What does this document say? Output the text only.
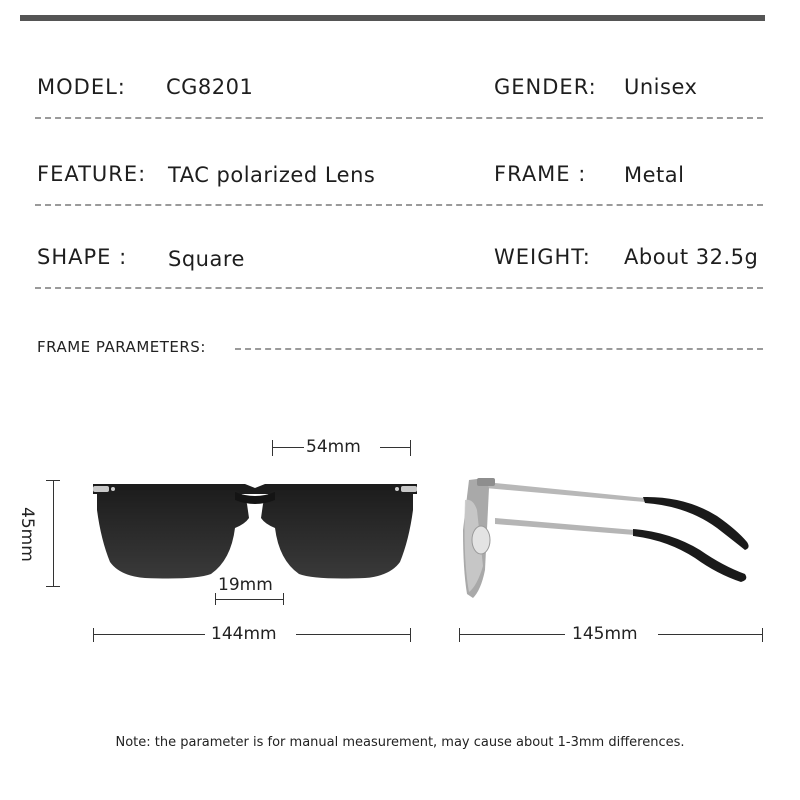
MODEL: CG8201	GENDER: Unisex
FEATURE: TAC polarized Lens	FRAME : Metal
SHAPE : Square	WEIGHT: About 32.5g
FRAME PARAMETERS:
54mm
45mm
19mm
144mm	145mm
Note: the parameter is for manual measurement, may cause about 1-3mm differences.
